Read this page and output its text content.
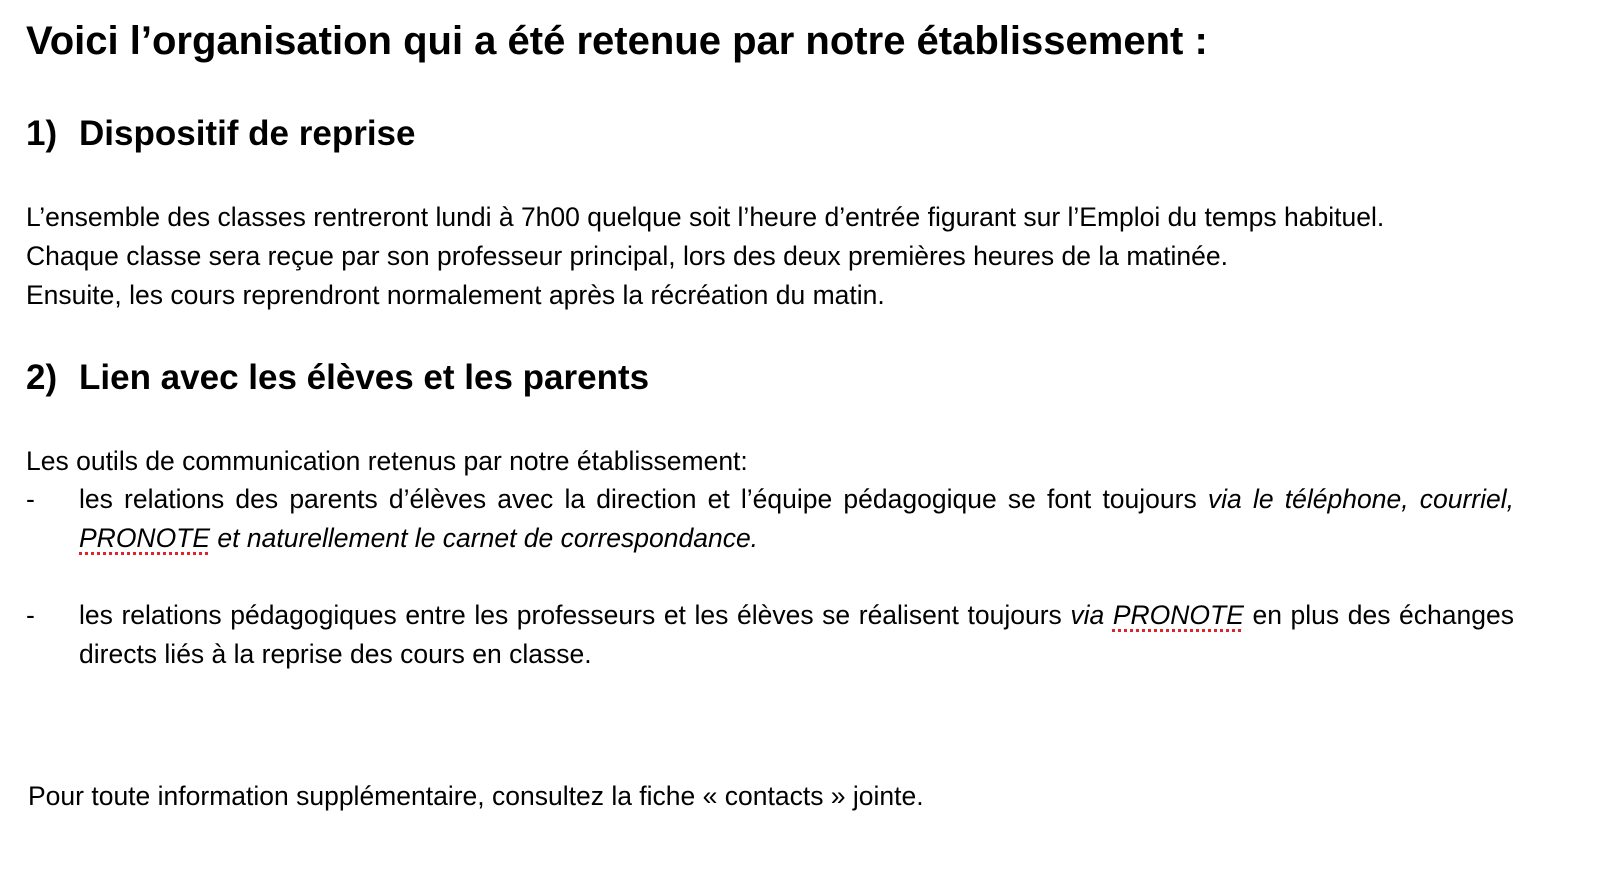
Voici l’organisation qui a été retenue par notre établissement :
1) Dispositif de reprise
L’ensemble des classes rentreront lundi à 7h00 quelque soit l’heure d’entrée figurant sur l’Emploi du temps habituel.
Chaque classe sera reçue par son professeur principal, lors des deux premières heures de la matinée.
Ensuite, les cours reprendront normalement après la récréation du matin.
2) Lien avec les élèves et les parents
Les outils de communication retenus par notre établissement:
- les relations des parents d’élèves avec la direction et l’équipe pédagogique se font toujours via le téléphone, courriel, PRONOTE et naturellement le carnet de correspondance.
- les relations pédagogiques entre les professeurs et les élèves se réalisent toujours via PRONOTE en plus des échanges directs liés à la reprise des cours en classe.
Pour toute information supplémentaire, consultez la fiche « contacts » jointe.
